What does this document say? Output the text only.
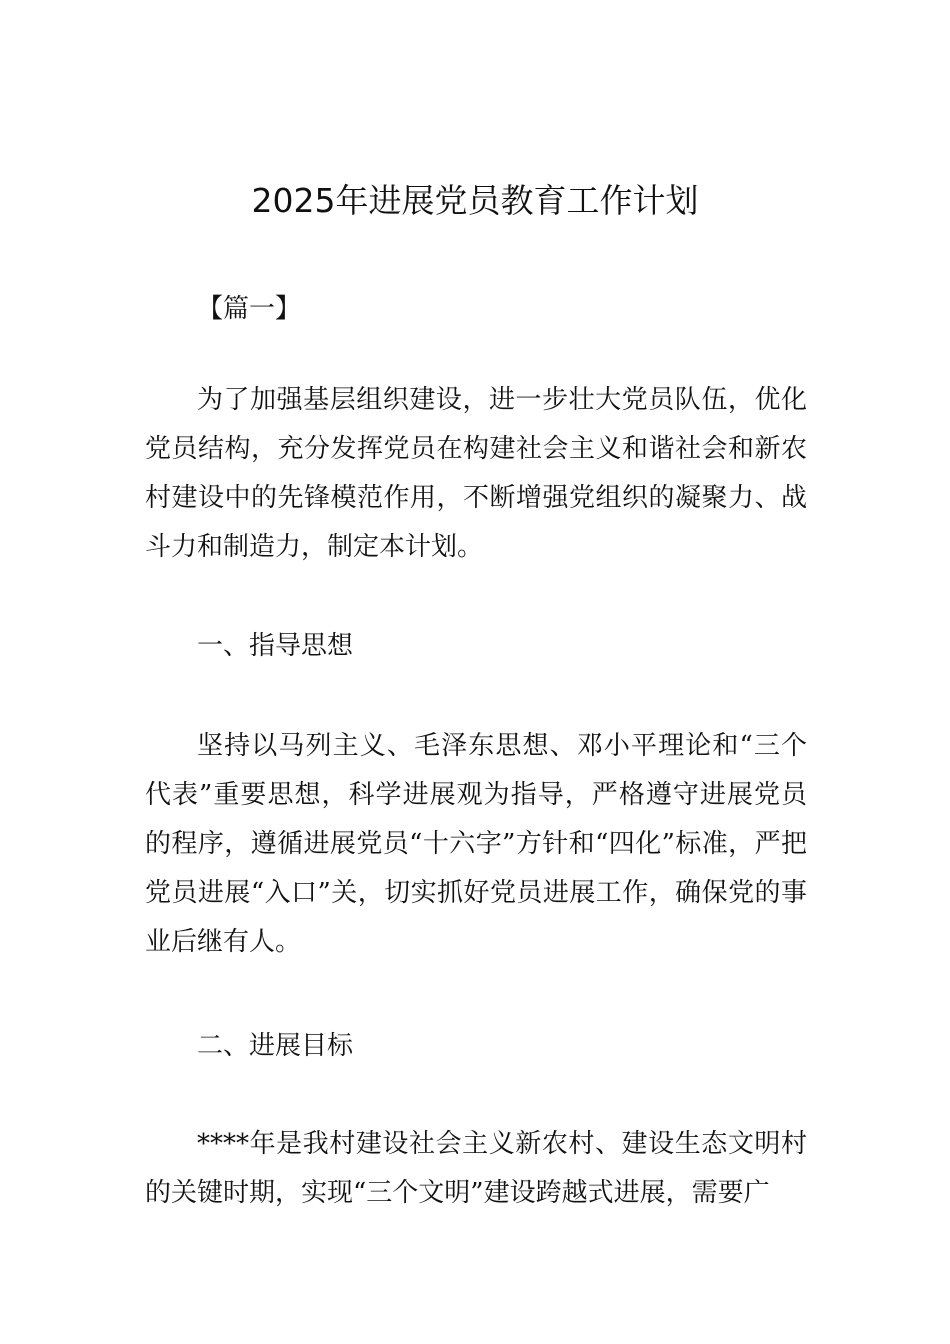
2025年进展党员教育工作计划

【篇一】

为了加强基层组织建设，进一步壮大党员队伍，优化党员结构，充分发挥党员在构建社会主义和谐社会和新农村建设中的先锋模范作用，不断增强党组织的凝聚力、战斗力和制造力，制定本计划。

一、指导思想

坚持以马列主义、毛泽东思想、邓小平理论和“三个代表”重要思想，科学进展观为指导，严格遵守进展党员的程序，遵循进展党员“十六字”方针和“四化”标准，严把党员进展“入口”关，切实抓好党员进展工作，确保党的事业后继有人。

二、进展目标

****年是我村建设社会主义新农村、建设生态文明村的关键时期，实现“三个文明”建设跨越式进展，需要广
